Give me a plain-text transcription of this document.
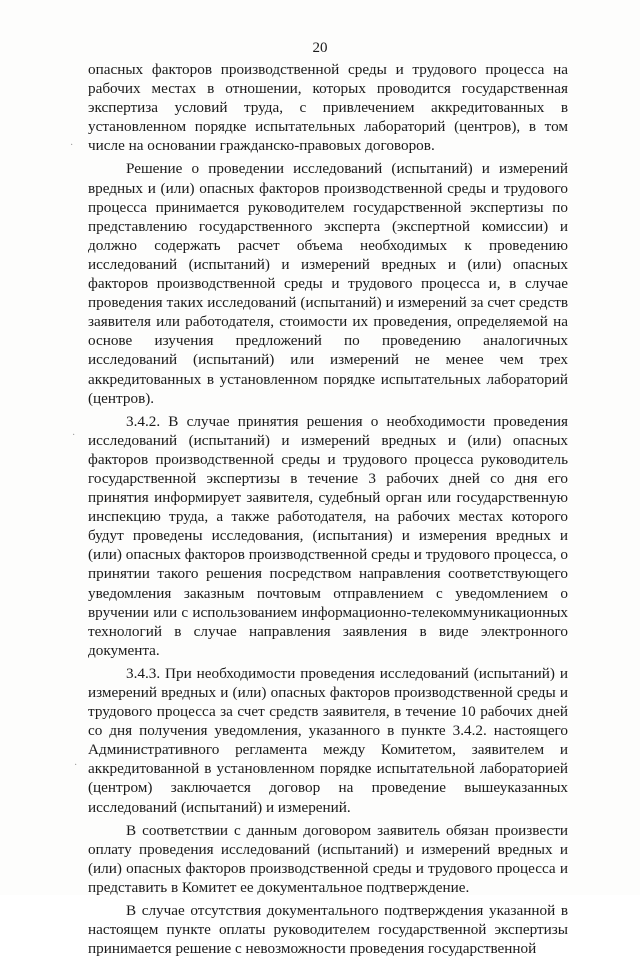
20
·
·
·

опасных факторов производственной среды и трудового процесса на рабочих местах в отношении, которых проводится государственная экспертиза условий труда, с привлечением аккредитованных в установленном порядке испытательных лабораторий (центров), в том числе на основании гражданско-правовых договоров.

Решение о проведении исследований (испытаний) и измерений вредных и (или) опасных факторов производственной среды и трудового процесса принимается руководителем государственной экспертизы по представлению государственного эксперта (экспертной комиссии) и должно содержать расчет объема необходимых к проведению исследований (испытаний) и измерений вредных и (или) опасных факторов производственной среды и трудового процесса и, в случае проведения таких исследований (испытаний) и измерений за счет средств заявителя или работодателя, стоимости их проведения, определяемой на основе изучения предложений по проведению аналогичных исследований (испытаний) или измерений не менее чем трех аккредитованных в установленном порядке испытательных лабораторий (центров).

3.4.2. В случае принятия решения о необходимости проведения исследований (испытаний) и измерений вредных и (или) опасных факторов производственной среды и трудового процесса руководитель государственной экспертизы в течение 3 рабочих дней со дня его принятия информирует заявителя, судебный орган или государственную инспекцию труда, а также работодателя, на рабочих местах которого будут проведены исследования, (испытания) и измерения вредных и (или) опасных факторов производственной среды и трудового процесса, о принятии такого решения посредством направления соответствующего уведомления заказным почтовым отправлением с уведомлением о вручении или с использованием информационно-телекоммуникационных технологий в случае направления заявления в виде электронного документа.

3.4.3. При необходимости проведения исследований (испытаний) и измерений вредных и (или) опасных факторов производственной среды и трудового процесса за счет средств заявителя, в течение 10 рабочих дней со дня получения уведомления, указанного в пункте 3.4.2. настоящего Административного регламента между Комитетом, заявителем и аккредитованной в установленном порядке испытательной лабораторией (центром) заключается договор на проведение вышеуказанных исследований (испытаний) и измерений.

В соответствии с данным договором заявитель обязан произвести оплату проведения исследований (испытаний) и измерений вредных и (или) опасных факторов производственной среды и трудового процесса и представить в Комитет ее документальное подтверждение.

В случае отсутствия документального подтверждения указанной в настоящем пункте оплаты руководителем государственной экспертизы принимается решение с невозможности проведения государственной
